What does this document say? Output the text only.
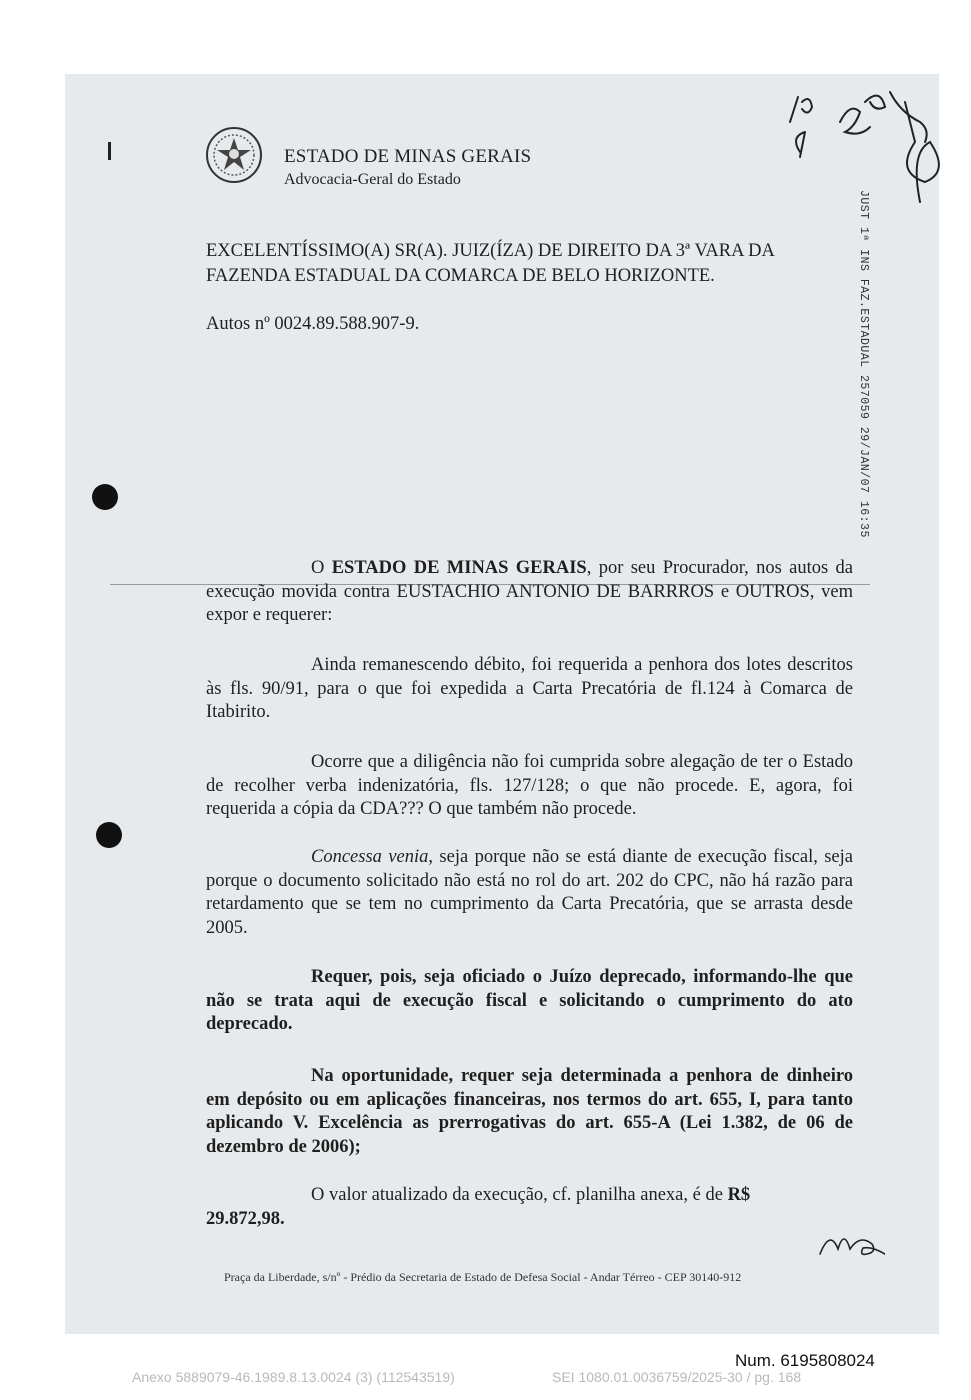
ESTADO DE MINAS GERAIS
Advocacia-Geral do Estado
JUST 1ª INS FAZ.ESTADUAL 257059 29/JAN/07 16:35
EXCELENTÍSSIMO(A) SR(A). JUIZ(ÍZA) DE DIREITO DA 3ª VARA DA
FAZENDA ESTADUAL DA COMARCA DE BELO HORIZONTE.
Autos nº 0024.89.588.907-9.
O ESTADO DE MINAS GERAIS, por seu Procurador, nos autos da execução movida contra EUSTACHIO ANTONIO DE BARRROS e OUTROS, vem expor e requerer:
Ainda remanescendo débito, foi requerida a penhora dos lotes descritos às fls. 90/91, para o que foi expedida a Carta Precatória de fl.124 à Comarca de Itabirito.
Ocorre que a diligência não foi cumprida sobre alegação de ter o Estado de recolher verba indenizatória, fls. 127/128; o que não procede. E, agora, foi requerida a cópia da CDA??? O que também não procede.
Concessa venia, seja porque não se está diante de execução fiscal, seja porque o documento solicitado não está no rol do art. 202 do CPC, não há razão para retardamento que se tem no cumprimento da Carta Precatória, que se arrasta desde 2005.
Requer, pois, seja oficiado o Juízo deprecado, informando-lhe que não se trata aqui de execução fiscal e solicitando o cumprimento do ato deprecado.
Na oportunidade, requer seja determinada a penhora de dinheiro em depósito ou em aplicações financeiras, nos termos do art. 655, I, para tanto aplicando V. Excelência as prerrogativas do art. 655-A (Lei 1.382, de 06 de dezembro de 2006);
O valor atualizado da execução, cf. planilha anexa, é de R$
29.872,98.
Praça da Liberdade, s/nº - Prédio da Secretaria de Estado de Defesa Social - Andar Térreo - CEP 30140-912
Num. 6195808024
Anexo 5889079-46.1989.8.13.0024 (3) (112543519)	SEI 1080.01.0036759/2025-30 / pg. 168
